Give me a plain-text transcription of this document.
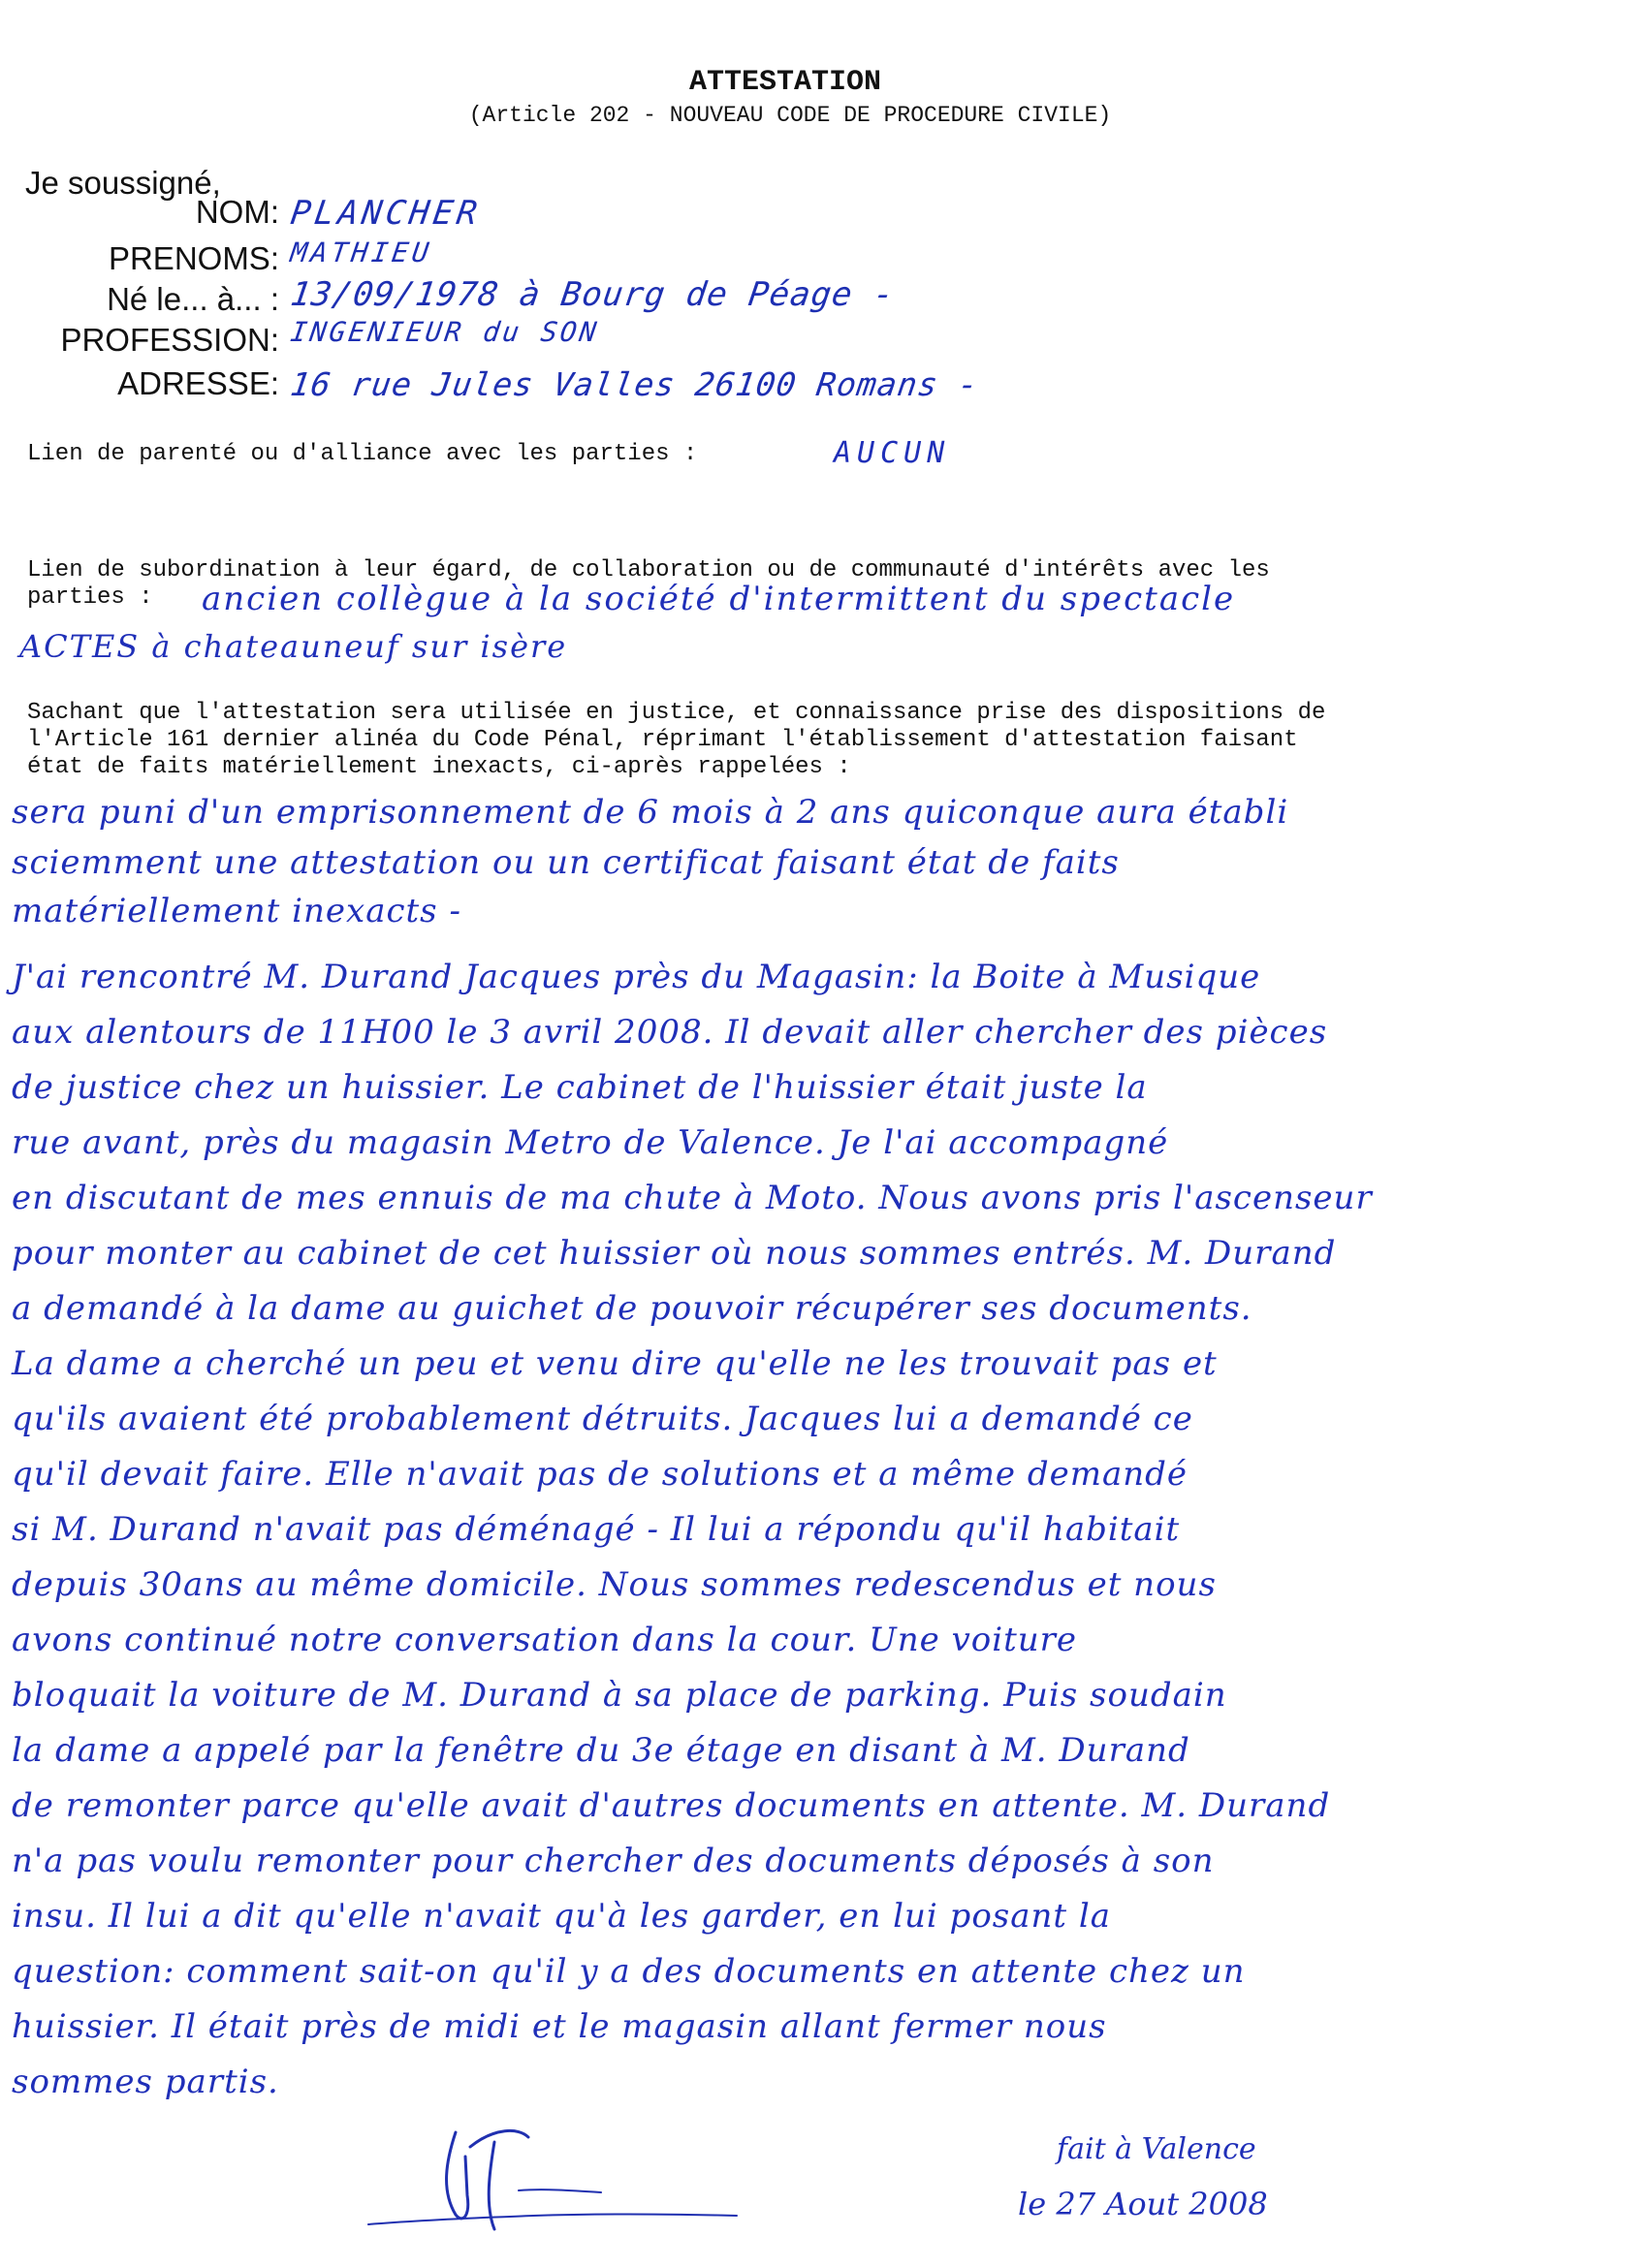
ATTESTATION
(Article 202 - NOUVEAU CODE DE PROCEDURE CIVILE)
Je soussigné,
NOM: PLANCHER
PRENOMS: MATHIEU
Né le... à... : 13/09/1978 à Bourg de Péage -
PROFESSION: INGENIEUR du SON
ADRESSE: 16 rue Jules Valles 26100 Romans -
Lien de parenté ou d'alliance avec les parties :	AUCUN
Lien de subordination à leur égard, de collaboration ou de communauté d'intérêts avec les
parties : ancien collègue à la société d'intermittent du spectacle
ACTES à chateauneuf sur isère
Sachant que l'attestation sera utilisée en justice, et connaissance prise des dispositions de
l'Article 161 dernier alinéa du Code Pénal, réprimant l'établissement d'attestation faisant
état de faits matériellement inexacts, ci-après rappelées :
sera puni d'un emprisonnement de 6 mois à 2 ans quiconque aura établi
sciemment une attestation ou un certificat faisant état de faits
matériellement inexacts -
J'ai rencontré M. Durand Jacques près du Magasin: la Boite à Musique
aux alentours de 11H00 le 3 avril 2008. Il devait aller chercher des pièces
de justice chez un huissier. Le cabinet de l'huissier était juste la
rue avant, près du magasin Metro de Valence. Je l'ai accompagné
en discutant de mes ennuis de ma chute à Moto. Nous avons pris l'ascenseur
pour monter au cabinet de cet huissier où nous sommes entrés. M. Durand
a demandé à la dame au guichet de pouvoir récupérer ses documents.
La dame a cherché un peu et venu dire qu'elle ne les trouvait pas et
qu'ils avaient été probablement détruits. Jacques lui a demandé ce
qu'il devait faire. Elle n'avait pas de solutions et a même demandé
si M. Durand n'avait pas déménagé - Il lui a répondu qu'il habitait
depuis 30ans au même domicile. Nous sommes redescendus et nous
avons continué notre conversation dans la cour. Une voiture
bloquait la voiture de M. Durand à sa place de parking. Puis soudain
la dame a appelé par la fenêtre du 3e étage en disant à M. Durand
de remonter parce qu'elle avait d'autres documents en attente. M. Durand
n'a pas voulu remonter pour chercher des documents déposés à son
insu. Il lui a dit qu'elle n'avait qu'à les garder, en lui posant la
question: comment sait-on qu'il y a des documents en attente chez un
huissier. Il était près de midi et le magasin allant fermer nous
sommes partis.
fait à Valence
le 27 Aout 2008
